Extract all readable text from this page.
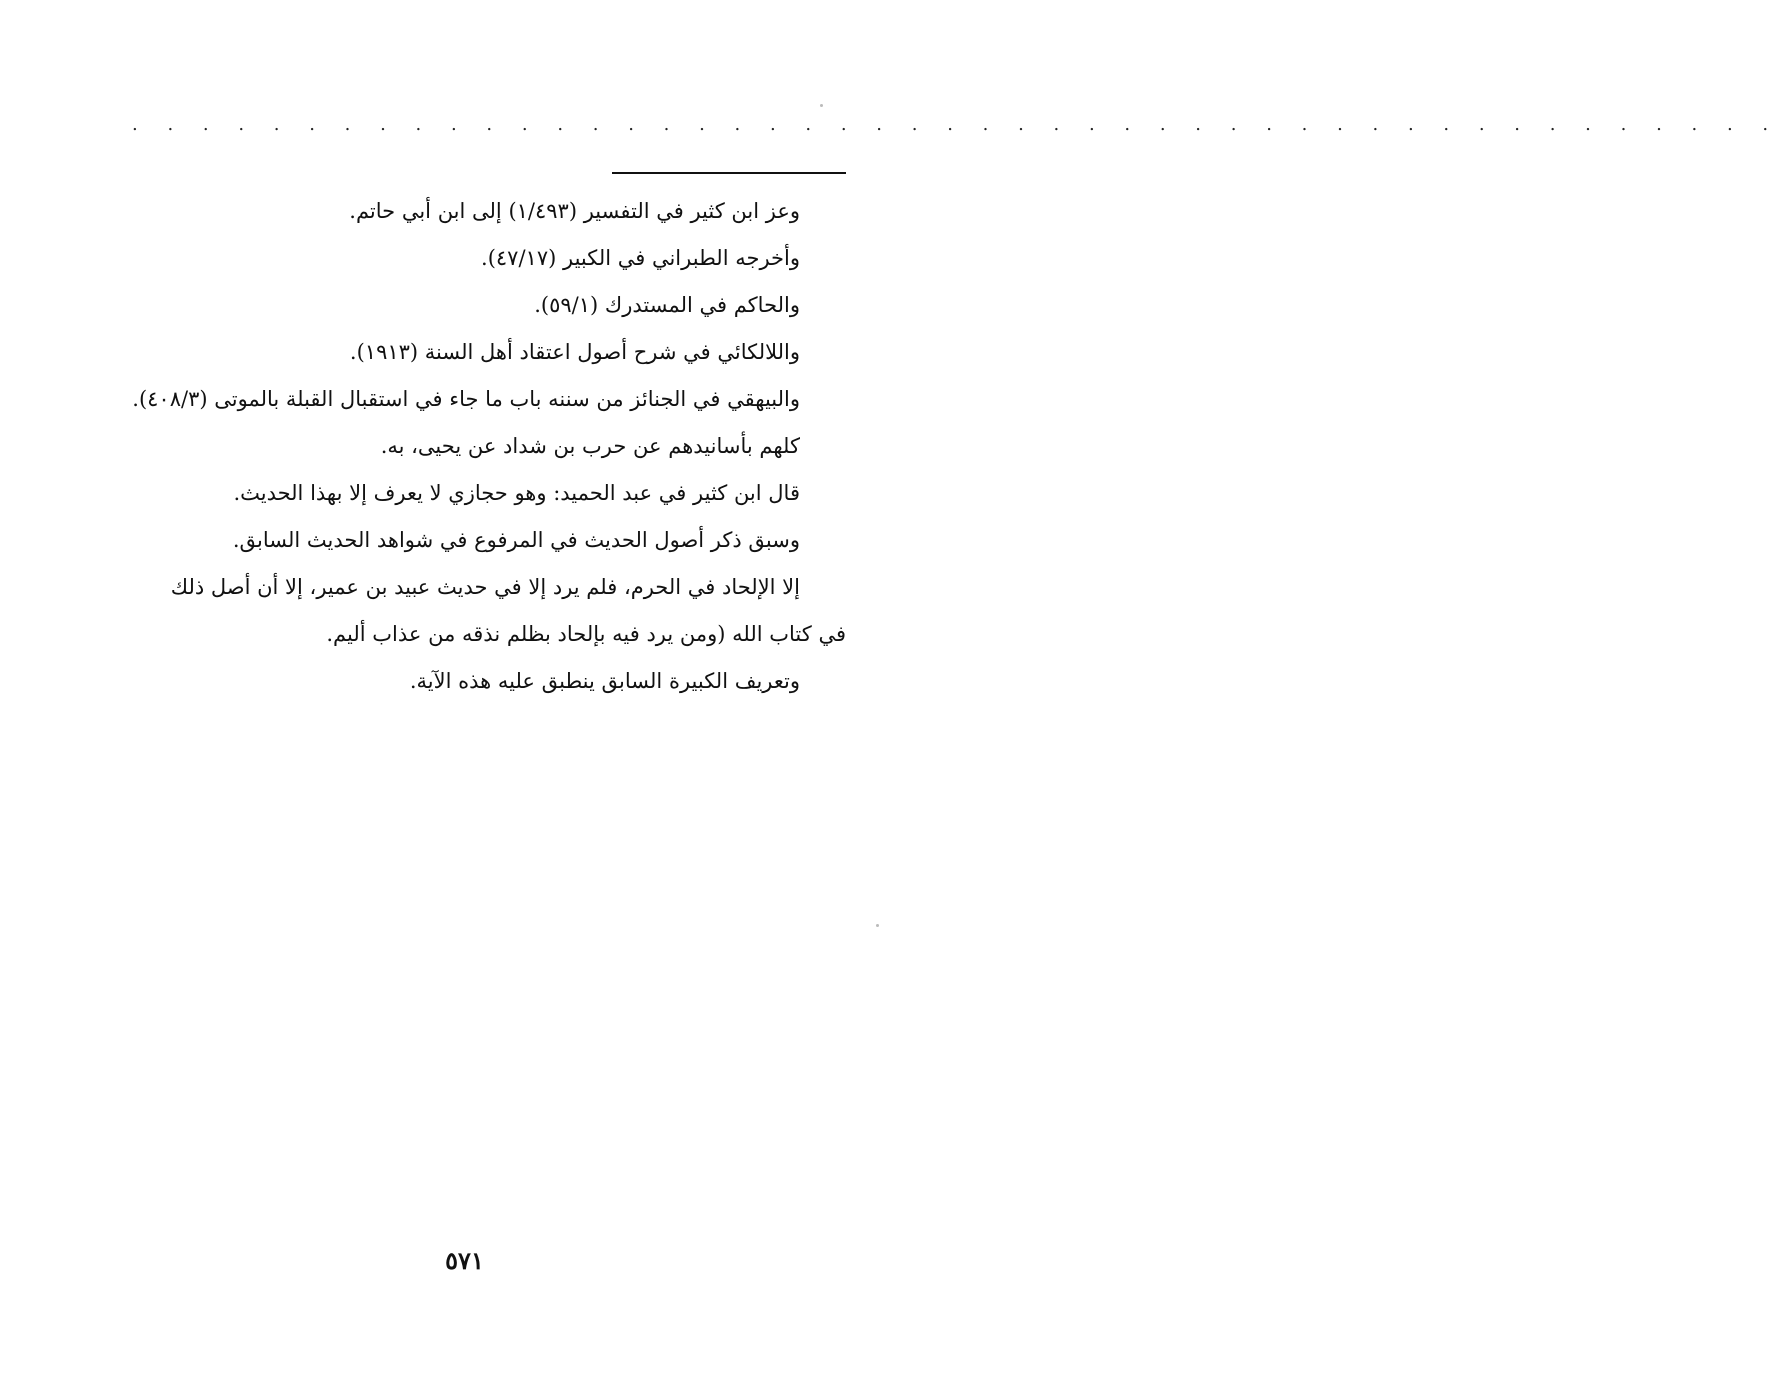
. . . . . . . . . . . . . . . . . . . . . . . . . . . . . . . . . . . . . . . . . . . . . . .

وعز ابن كثير في التفسير (١/٤٩٣) إلى ابن أبي حاتم.

وأخرجه الطبراني في الكبير (٤٧/١٧).

والحاكم في المستدرك (٥٩/١).

واللالكائي في شرح أصول اعتقاد أهل السنة (١٩١٣).

والبيهقي في الجنائز من سننه باب ما جاء في استقبال القبلة بالموتى (٤٠٨/٣).

كلهم بأسانيدهم عن حرب بن شداد عن يحيى، به.

قال ابن كثير في عبد الحميد: وهو حجازي لا يعرف إلا بهذا الحديث.

وسبق ذكر أصول الحديث في المرفوع في شواهد الحديث السابق.

إلا الإلحاد في الحرم، فلم يرد إلا في حديث عبيد بن عمير، إلا أن أصل ذلك

في كتاب الله (ومن يرد فيه بإلحاد بظلم نذقه من عذاب أليم.

وتعريف الكبيرة السابق ينطبق عليه هذه الآية.

٥٧١
